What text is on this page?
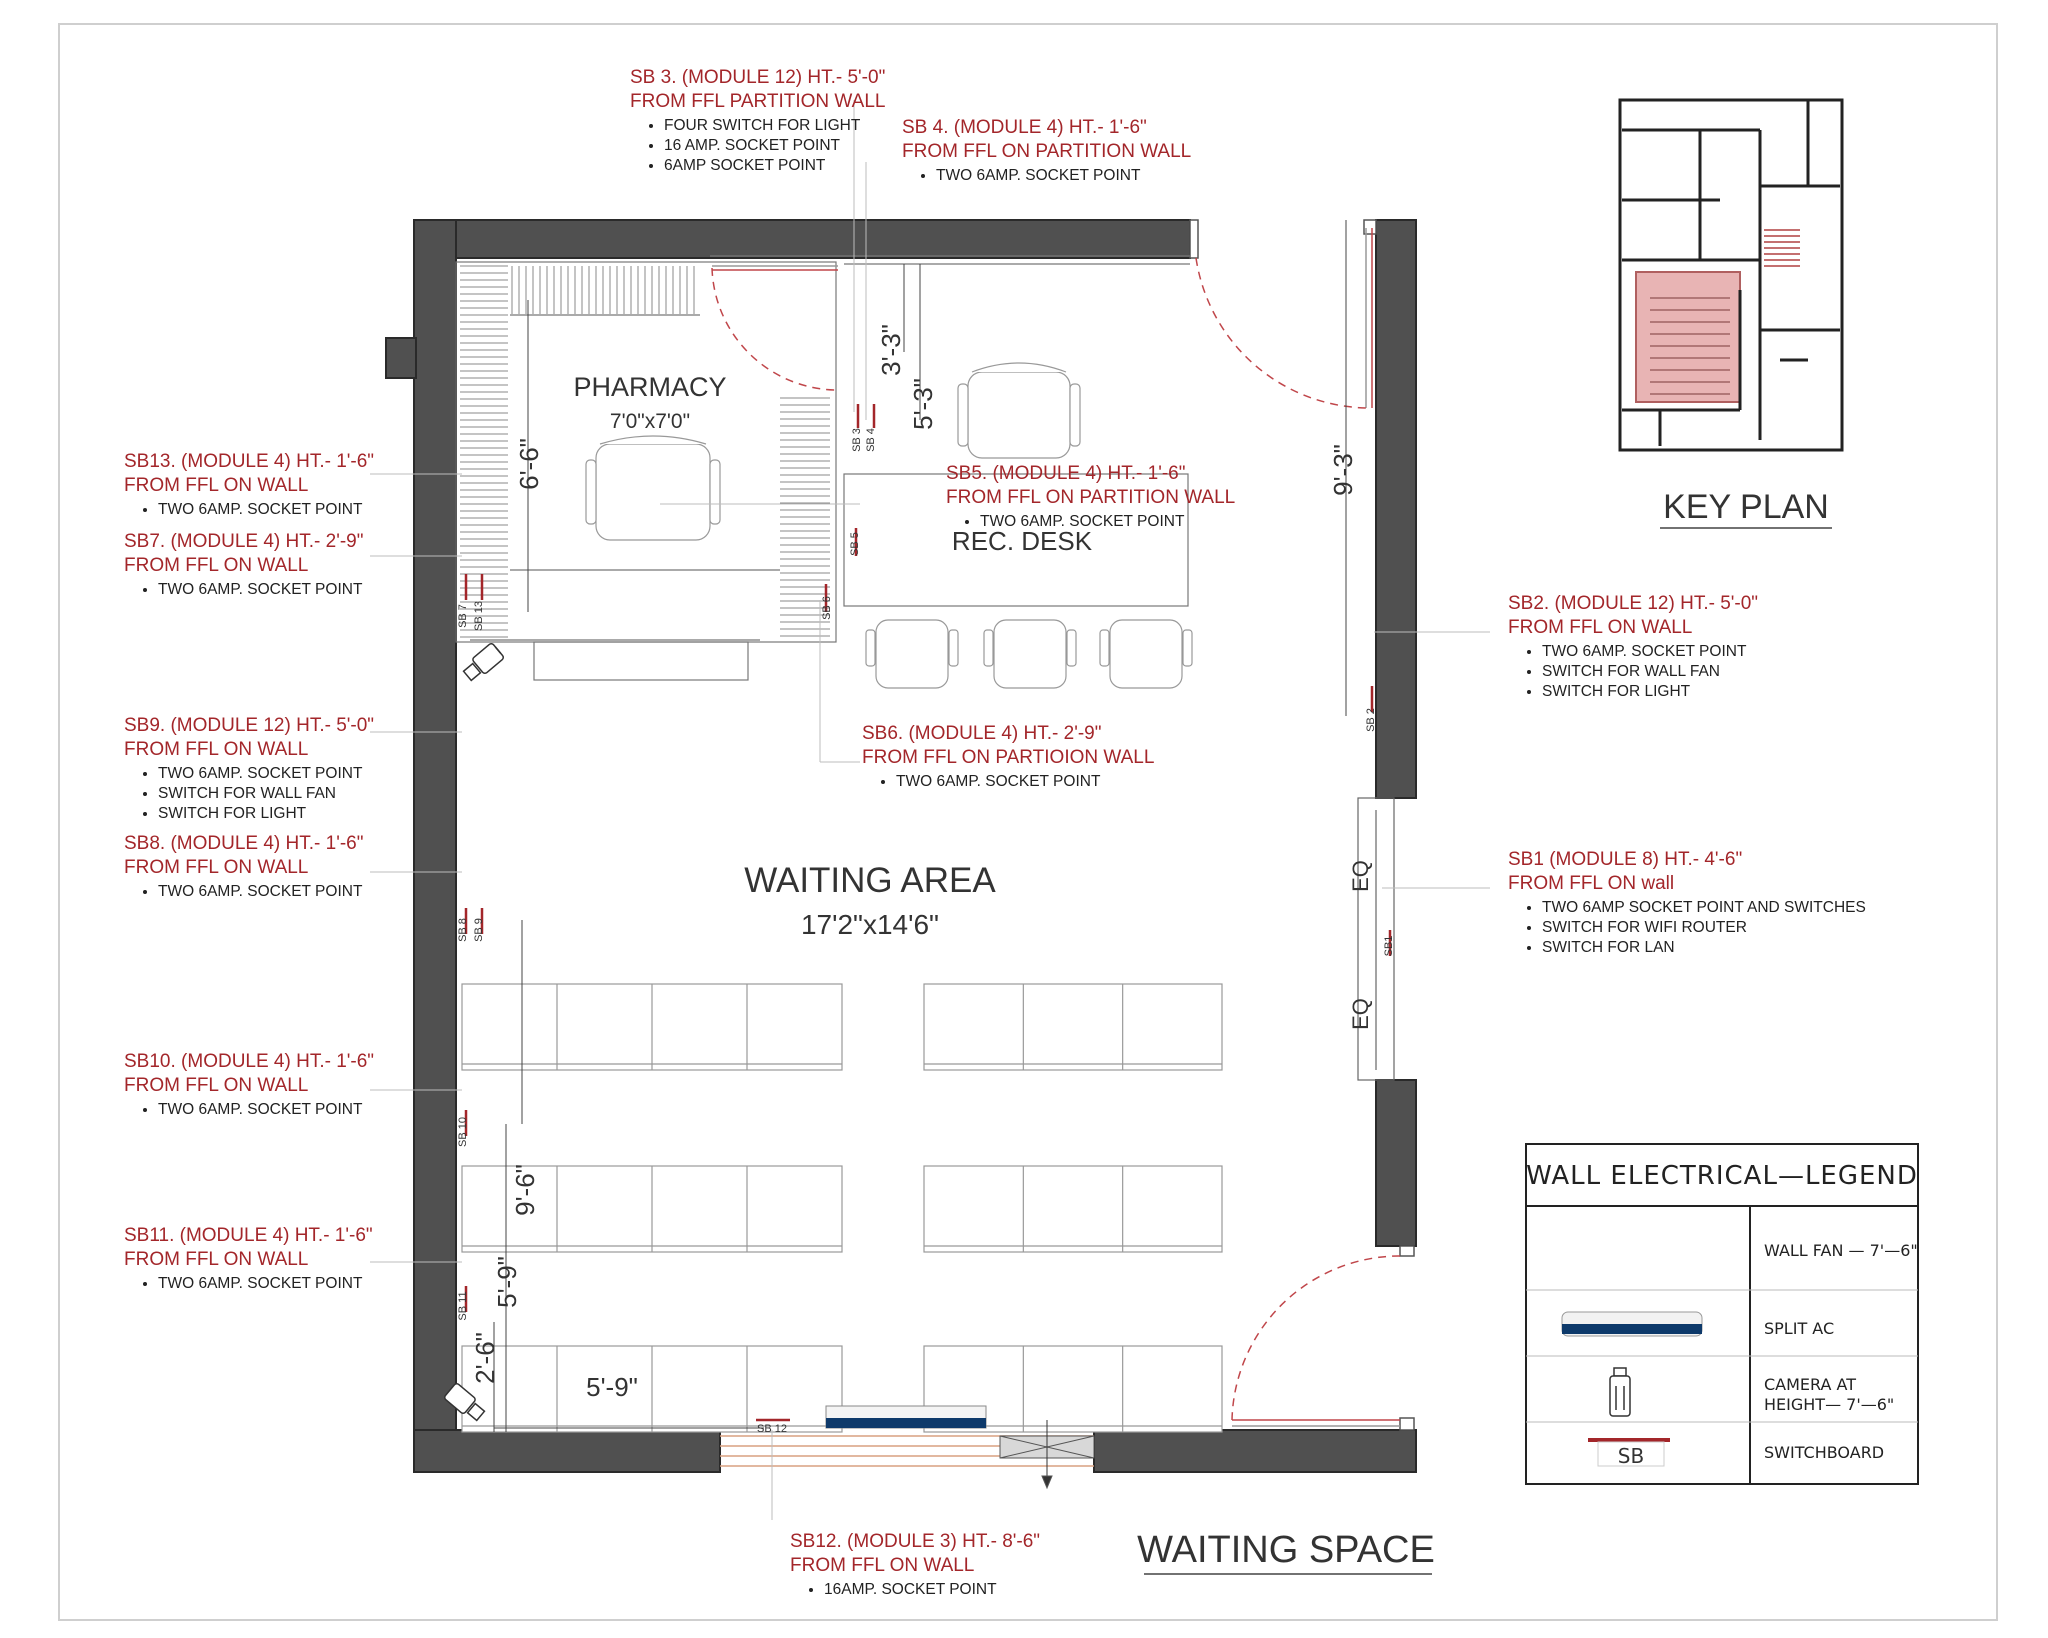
PHARMACY
7'0"x7'0"
REC. DESK
WAITING AREA
17'2"x14'6"
6'-6"
3'-3"
5'-3"
9'-3"
9'-6"
5'-9"
2'-6"
5'-9"
EQ
EQ
SB 3 SB 4
SB 5
SB 6
SB 7 SB 13
SB 2
SB 8 SB 9
SB1
SB 10
SB 11
SB 12
KEY PLAN
WAITING SPACE
WALL ELECTRICAL—LEGEND
SB
WALL FAN — 7'—6"
SPLIT AC
CAMERA AT
HEIGHT— 7'—6"
SWITCHBOARD
SB 3. (MODULE 12) HT.- 5'-0"
FROM FFL PARTITION WALL
• FOUR SWITCH FOR LIGHT
• 16 AMP. SOCKET POINT
• 6AMP SOCKET POINT
SB 4. (MODULE 4) HT.- 1'-6"
FROM FFL ON PARTITION WALL
• TWO 6AMP. SOCKET POINT
SB13. (MODULE 4) HT.- 1'-6"
FROM FFL ON WALL
• TWO 6AMP. SOCKET POINT
SB7. (MODULE 4) HT.- 2'-9"
FROM FFL ON WALL
• TWO 6AMP. SOCKET POINT
SB5. (MODULE 4) HT.- 1'-6"
FROM FFL ON PARTITION WALL
• TWO 6AMP. SOCKET POINT
SB2. (MODULE 12) HT.- 5'-0"
FROM FFL ON WALL
• TWO 6AMP. SOCKET POINT
• SWITCH FOR WALL FAN
• SWITCH FOR LIGHT
SB9. (MODULE 12) HT.- 5'-0"
FROM FFL ON WALL
• TWO 6AMP. SOCKET POINT
• SWITCH FOR WALL FAN
• SWITCH FOR LIGHT
SB6. (MODULE 4) HT.- 2'-9"
FROM FFL ON PARTIOION WALL
• TWO 6AMP. SOCKET POINT
SB8. (MODULE 4) HT.- 1'-6"
FROM FFL ON WALL
• TWO 6AMP. SOCKET POINT
SB1 (MODULE 8) HT.- 4'-6"
FROM FFL ON wall
• TWO 6AMP SOCKET POINT AND SWITCHES
• SWITCH FOR WIFI ROUTER
• SWITCH FOR LAN
SB10. (MODULE 4) HT.- 1'-6"
FROM FFL ON WALL
• TWO 6AMP. SOCKET POINT
SB11. (MODULE 4) HT.- 1'-6"
FROM FFL ON WALL
• TWO 6AMP. SOCKET POINT
SB12. (MODULE 3) HT.- 8'-6"
FROM FFL ON WALL
• 16AMP. SOCKET POINT
